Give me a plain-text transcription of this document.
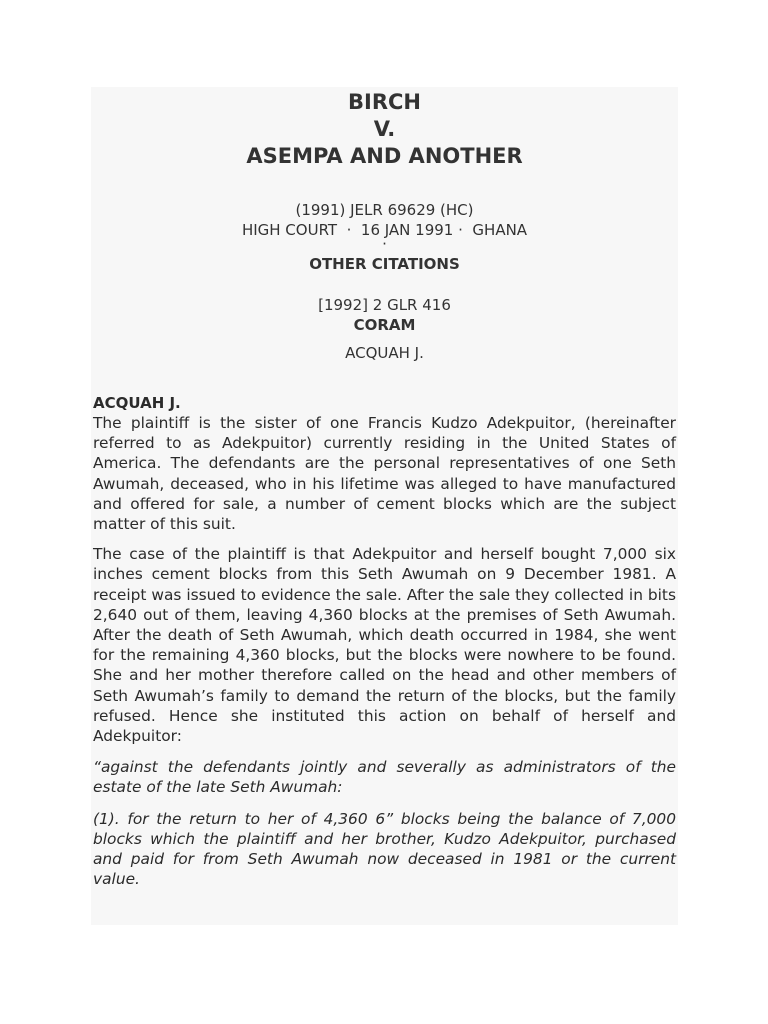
BIRCH
V.
ASEMPA AND ANOTHER
(1991) JELR 69629 (HC)
HIGH COURT  ·  16 JAN 1991 ·  GHANA
·
OTHER CITATIONS
[1992] 2 GLR 416
CORAM
ACQUAH J.
ACQUAH J.

The plaintiff is the sister of one Francis Kudzo Adekpuitor, (hereinafter referred to as Adekpuitor) currently residing in the United States of America. The defendants are the personal representatives of one Seth Awumah, deceased, who in his lifetime was alleged to have manufactured and offered for sale, a number of cement blocks which are the subject matter of this suit.

The case of the plaintiff is that Adekpuitor and herself bought 7,000 six inches cement blocks from this Seth Awumah on 9 December 1981. A receipt was issued to evidence the sale. After the sale they collected in bits 2,640 out of them, leaving 4,360 blocks at the premises of Seth Awumah. After the death of Seth Awumah, which death occurred in 1984, she went for the remaining 4,360 blocks, but the blocks were nowhere to be found. She and her mother therefore called on the head and other members of Seth Awumah’s family to demand the return of the blocks, but the family refused. Hence she instituted this action on behalf of herself and Adekpuitor:

“against the defendants jointly and severally as administrators of the estate of the late Seth Awumah:

(1). for the return to her of 4,360 6” blocks being the balance of 7,000 blocks which the plaintiff and her brother, Kudzo Adekpuitor, purchased and paid for from Seth Awumah now deceased in 1981 or the current value.
